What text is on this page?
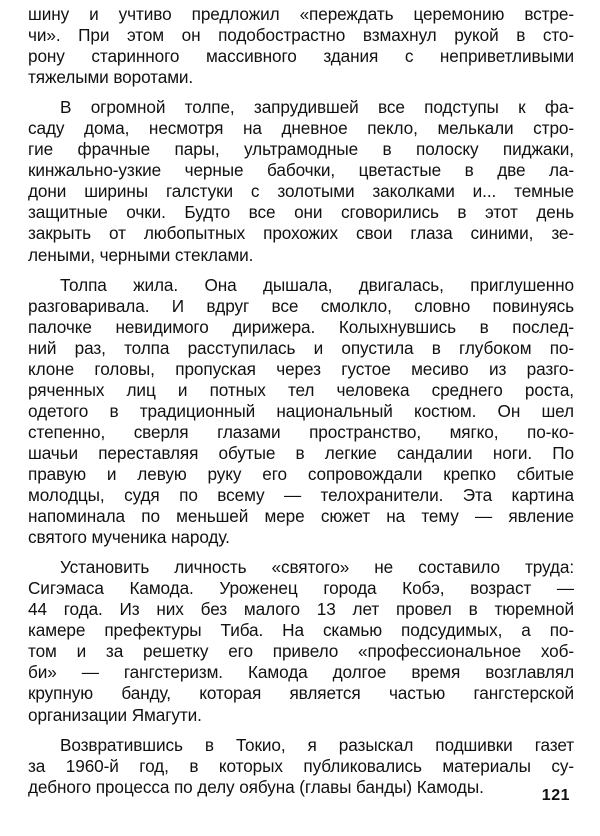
шину и учтиво предложил «переждать церемонию встре-
чи». При этом он подобострастно взмахнул рукой в сто-
рону старинного массивного здания с неприветливыми
тяжелыми воротами.
В огромной толпе, запрудившей все подступы к фа-
саду дома, несмотря на дневное пекло, мелькали стро-
гие фрачные пары, ультрамодные в полоску пиджаки,
кинжально-узкие черные бабочки, цветастые в две ла-
дони ширины галстуки с золотыми заколками и... темные
защитные очки. Будто все они сговорились в этот день
закрыть от любопытных прохожих свои глаза синими, зе-
леными, черными стеклами.
Толпа жила. Она дышала, двигалась, приглушенно
разговаривала. И вдруг все смолкло, словно повинуясь
палочке невидимого дирижера. Колыхнувшись в послед-
ний раз, толпа расступилась и опустила в глубоком по-
клоне головы, пропуская через густое месиво из разго-
ряченных лиц и потных тел человека среднего роста,
одетого в традиционный национальный костюм. Он шел
степенно, сверля глазами пространство, мягко, по-ко-
шачьи переставляя обутые в легкие сандалии ноги. По
правую и левую руку его сопровождали крепко сбитые
молодцы, судя по всему — телохранители. Эта картина
напоминала по меньшей мере сюжет на тему — явление
святого мученика народу.
Установить личность «святого» не составило труда:
Сигэмаса Камода. Уроженец города Кобэ, возраст —
44 года. Из них без малого 13 лет провел в тюремной
камере префектуры Тиба. На скамью подсудимых, а по-
том и за решетку его привело «профессиональное хоб-
би» — гангстеризм. Камода долгое время возглавлял
крупную банду, которая является частью гангстерской
организации Ямагути.
Возвратившись в Токио, я разыскал подшивки газет
за 1960-й год, в которых публиковались материалы су-
дебного процесса по делу оябуна (главы банды) Камоды.	121
